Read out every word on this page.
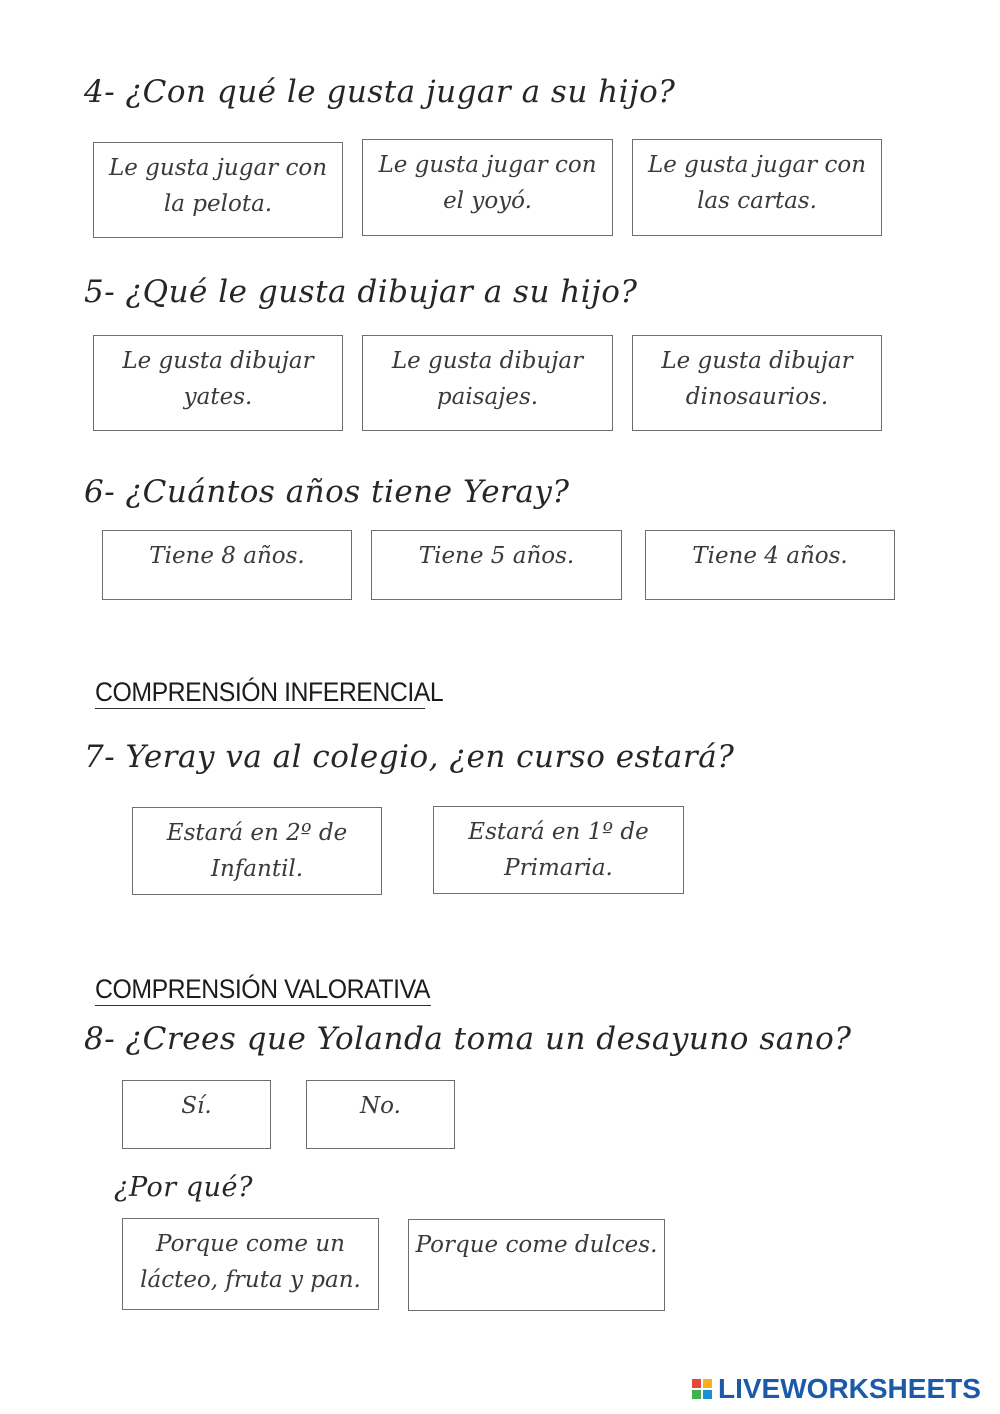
4- ¿Con qué le gusta jugar a su hijo?
Le gusta jugar con
la pelota.
Le gusta jugar con
el yoyó.
Le gusta jugar con
las cartas.
5- ¿Qué le gusta dibujar a su hijo?
Le gusta dibujar
yates.
Le gusta dibujar
paisajes.
Le gusta dibujar
dinosaurios.
6- ¿Cuántos años tiene Yeray?
Tiene 8 años.	Tiene 5 años.	Tiene 4 años.
COMPRENSIÓN INFERENCIAL
7- Yeray va al colegio, ¿en curso estará?
Estará en 2º de
Infantil.
Estará en 1º de
Primaria.
COMPRENSIÓN VALORATIVA
8- ¿Crees que Yolanda toma un desayuno sano?
Sí.	No.
¿Por qué?
Porque come un
lácteo, fruta y pan.
Porque come dulces.
LIVEWORKSHEETS
